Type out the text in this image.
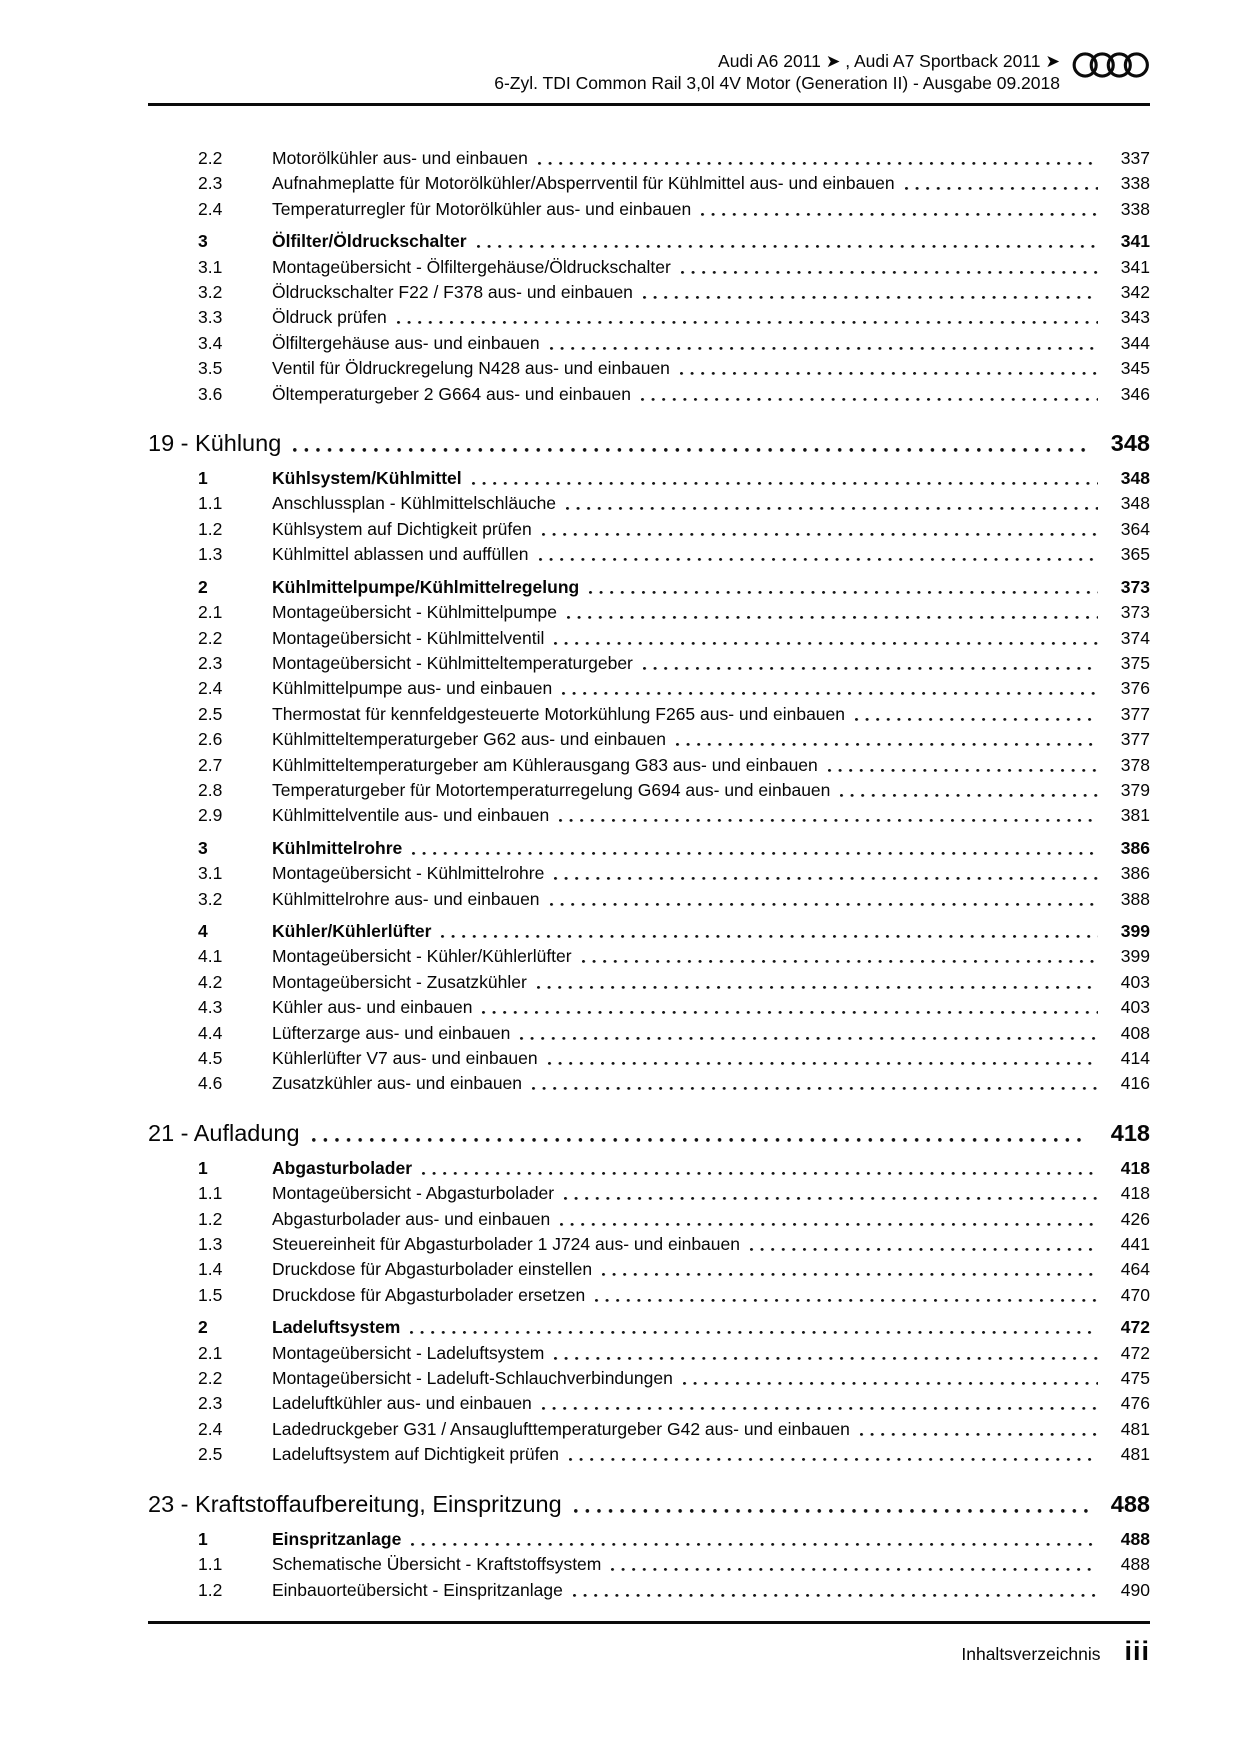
Audi A6 2011 ➤ , Audi A7 Sportback 2011 ➤
6-Zyl. TDI Common Rail 3,0l 4V Motor (Generation II) - Ausgabe 09.2018
2.2	Motorölkühler aus- und einbauen	337
2.3	Aufnahmeplatte für Motorölkühler/Absperrventil für Kühlmittel aus- und einbauen	338
2.4	Temperaturregler für Motorölkühler aus- und einbauen	338
3	Ölfilter/Öldruckschalter	341
3.1	Montageübersicht - Ölfiltergehäuse/Öldruckschalter	341
3.2	Öldruckschalter F22 / F378 aus- und einbauen	342
3.3	Öldruck prüfen	343
3.4	Ölfiltergehäuse aus- und einbauen	344
3.5	Ventil für Öldruckregelung N428 aus- und einbauen	345
3.6	Öltemperaturgeber 2 G664 aus- und einbauen	346
19 - Kühlung	348
1	Kühlsystem/Kühlmittel	348
1.1	Anschlussplan - Kühlmittelschläuche	348
1.2	Kühlsystem auf Dichtigkeit prüfen	364
1.3	Kühlmittel ablassen und auffüllen	365
2	Kühlmittelpumpe/Kühlmittelregelung	373
2.1	Montageübersicht - Kühlmittelpumpe	373
2.2	Montageübersicht - Kühlmittelventil	374
2.3	Montageübersicht - Kühlmitteltemperaturgeber	375
2.4	Kühlmittelpumpe aus- und einbauen	376
2.5	Thermostat für kennfeldgesteuerte Motorkühlung F265 aus- und einbauen	377
2.6	Kühlmitteltemperaturgeber G62 aus- und einbauen	377
2.7	Kühlmitteltemperaturgeber am Kühlerausgang G83 aus- und einbauen	378
2.8	Temperaturgeber für Motortemperaturregelung G694 aus- und einbauen	379
2.9	Kühlmittelventile aus- und einbauen	381
3	Kühlmittelrohre	386
3.1	Montageübersicht - Kühlmittelrohre	386
3.2	Kühlmittelrohre aus- und einbauen	388
4	Kühler/Kühlerlüfter	399
4.1	Montageübersicht - Kühler/Kühlerlüfter	399
4.2	Montageübersicht - Zusatzkühler	403
4.3	Kühler aus- und einbauen	403
4.4	Lüfterzarge aus- und einbauen	408
4.5	Kühlerlüfter V7 aus- und einbauen	414
4.6	Zusatzkühler aus- und einbauen	416
21 - Aufladung	418
1	Abgasturbolader	418
1.1	Montageübersicht - Abgasturbolader	418
1.2	Abgasturbolader aus- und einbauen	426
1.3	Steuereinheit für Abgasturbolader 1 J724 aus- und einbauen	441
1.4	Druckdose für Abgasturbolader einstellen	464
1.5	Druckdose für Abgasturbolader ersetzen	470
2	Ladeluftsystem	472
2.1	Montageübersicht - Ladeluftsystem	472
2.2	Montageübersicht - Ladeluft-Schlauchverbindungen	475
2.3	Ladeluftkühler aus- und einbauen	476
2.4	Ladedruckgeber G31 / Ansauglufttemperaturgeber G42 aus- und einbauen	481
2.5	Ladeluftsystem auf Dichtigkeit prüfen	481
23 - Kraftstoffaufbereitung, Einspritzung	488
1	Einspritzanlage	488
1.1	Schematische Übersicht - Kraftstoffsystem	488
1.2	Einbauorteübersicht - Einspritzanlage	490
Inhaltsverzeichnis iii
